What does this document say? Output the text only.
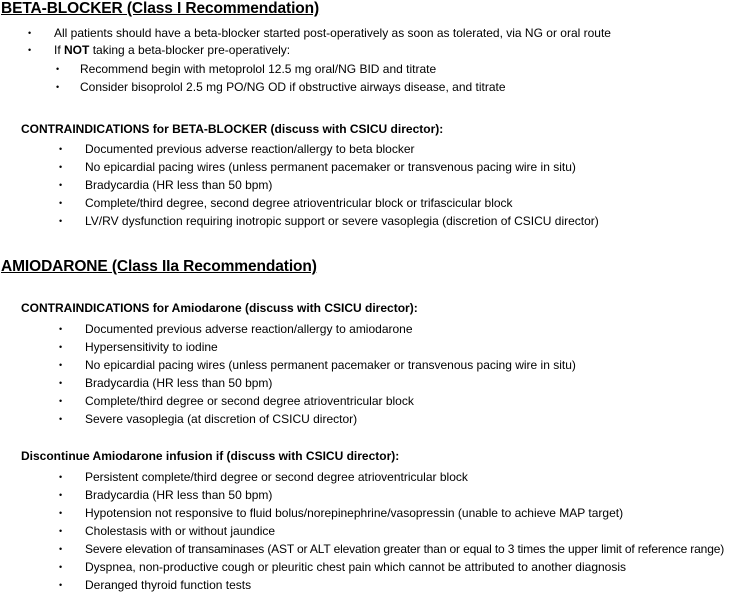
BETA-BLOCKER (Class I Recommendation)
• All patients should have a beta-blocker started post-operatively as soon as tolerated, via NG or oral route
• If NOT taking a beta-blocker pre-operatively:
• Recommend begin with metoprolol 12.5 mg oral/NG BID and titrate
• Consider bisoprolol 2.5 mg PO/NG OD if obstructive airways disease, and titrate
CONTRAINDICATIONS for BETA-BLOCKER (discuss with CSICU director):
• Documented previous adverse reaction/allergy to beta blocker
• No epicardial pacing wires (unless permanent pacemaker or transvenous pacing wire in situ)
• Bradycardia (HR less than 50 bpm)
• Complete/third degree, second degree atrioventricular block or trifascicular block
• LV/RV dysfunction requiring inotropic support or severe vasoplegia (discretion of CSICU director)
AMIODARONE (Class IIa Recommendation)
CONTRAINDICATIONS for Amiodarone (discuss with CSICU director):
• Documented previous adverse reaction/allergy to amiodarone
• Hypersensitivity to iodine
• No epicardial pacing wires (unless permanent pacemaker or transvenous pacing wire in situ)
• Bradycardia (HR less than 50 bpm)
• Complete/third degree or second degree atrioventricular block
• Severe vasoplegia (at discretion of CSICU director)
Discontinue Amiodarone infusion if (discuss with CSICU director):
• Persistent complete/third degree or second degree atrioventricular block
• Bradycardia (HR less than 50 bpm)
• Hypotension not responsive to fluid bolus/norepinephrine/vasopressin (unable to achieve MAP target)
• Cholestasis with or without jaundice
• Severe elevation of transaminases (AST or ALT elevation greater than or equal to 3 times the upper limit of reference range)
• Dyspnea, non-productive cough or pleuritic chest pain which cannot be attributed to another diagnosis
• Deranged thyroid function tests
